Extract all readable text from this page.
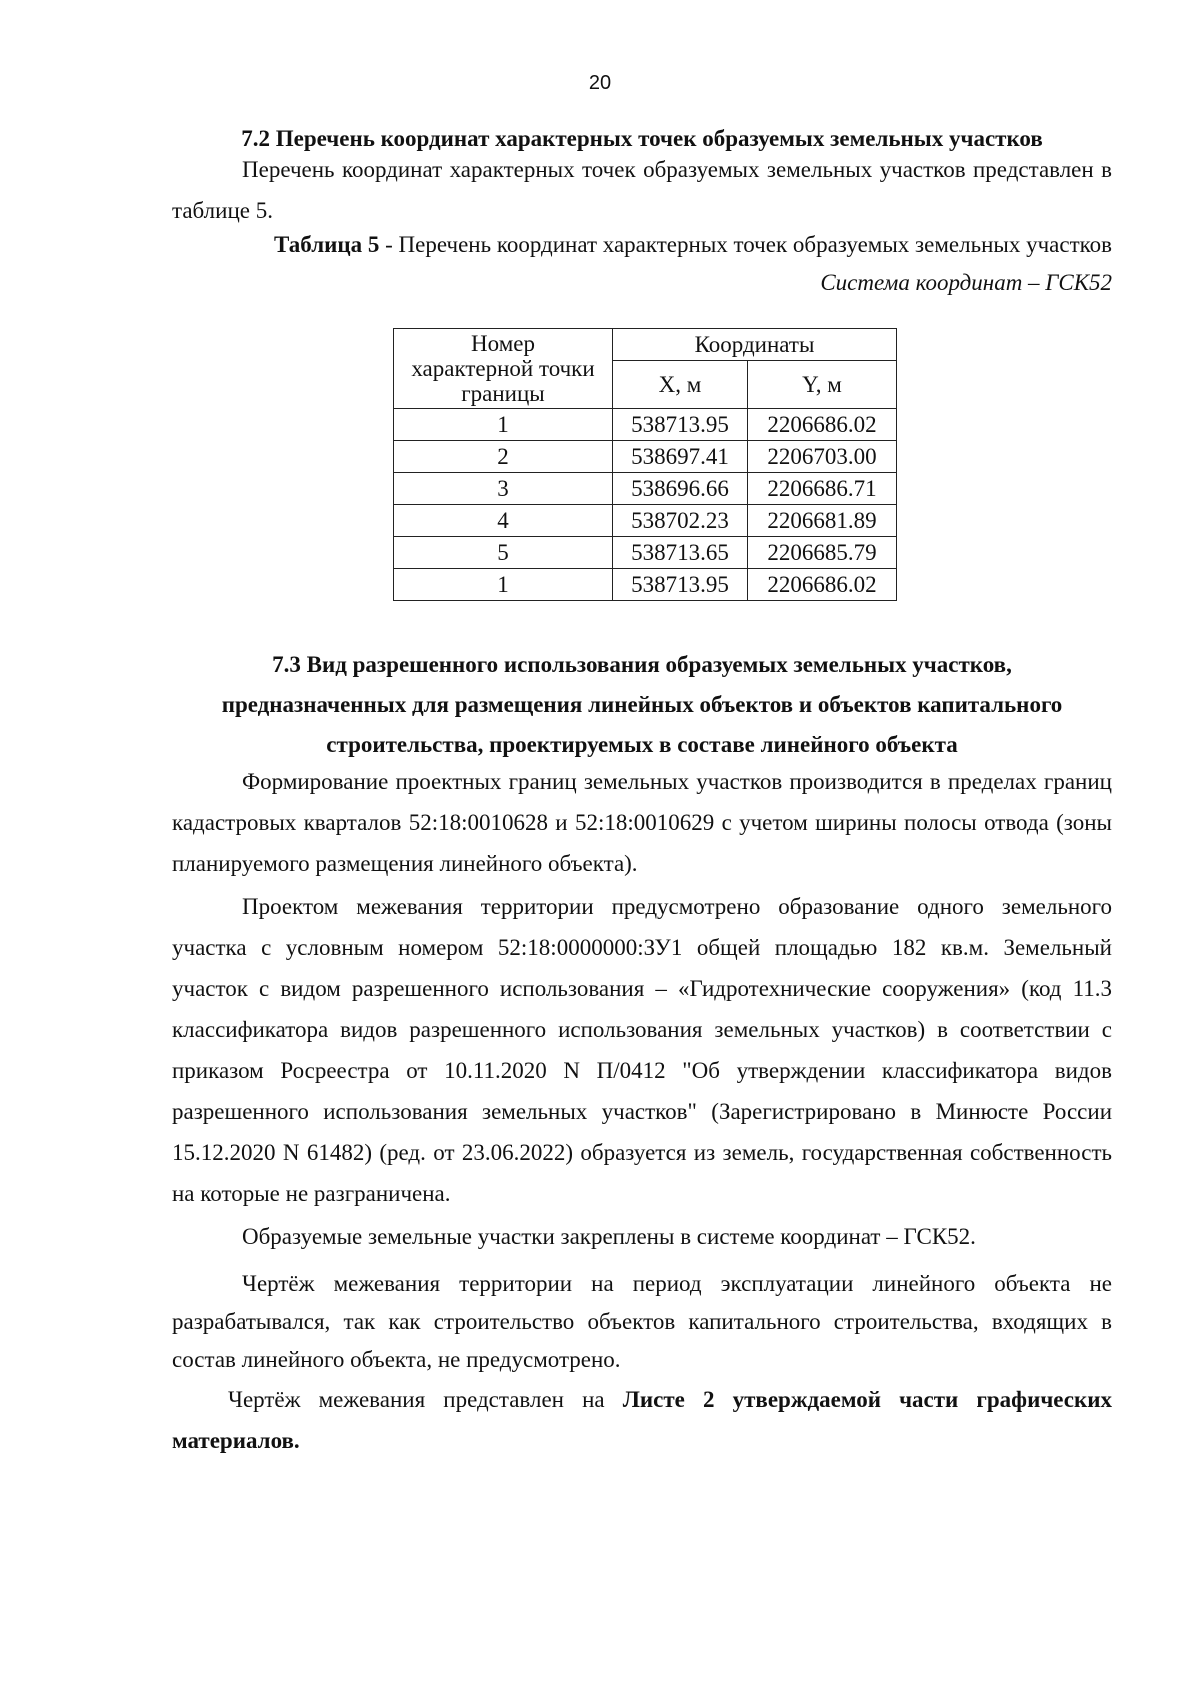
20
7.2 Перечень координат характерных точек образуемых земельных участков
Перечень координат характерных точек образуемых земельных участков представлен в таблице 5.
Таблица 5 - Перечень координат характерных точек образуемых земельных участков
Система координат – ГСК52
Номер
характерной точки
границы	Координаты	
	X, м	Y, м
1	538713.95	2206686.02
2	538697.41	2206703.00
3	538696.66	2206686.71
4	538702.23	2206681.89
5	538713.65	2206685.79
1	538713.95	2206686.02
7.3 Вид разрешенного использования образуемых земельных участков,
предназначенных для размещения линейных объектов и объектов капитального
строительства, проектируемых в составе линейного объекта
Формирование проектных границ земельных участков производится в пределах границ кадастровых кварталов 52:18:0010628 и 52:18:0010629 с учетом ширины полосы отвода (зоны планируемого размещения линейного объекта).
Проектом межевания территории предусмотрено образование одного земельного участка с условным номером 52:18:0000000:ЗУ1 общей площадью 182 кв.м. Земельный участок с видом разрешенного использования – «Гидротехнические сооружения» (код 11.3 классификатора видов разрешенного использования земельных участков) в соответствии с приказом Росреестра от 10.11.2020 N П/0412 "Об утверждении классификатора видов разрешенного использования земельных участков" (Зарегистрировано в Минюсте России 15.12.2020 N 61482) (ред. от 23.06.2022) образуется из земель, государственная собственность на которые не разграничена.
Образуемые земельные участки закреплены в системе координат – ГСК52.
Чертёж межевания территории на период эксплуатации линейного объекта не разрабатывался, так как строительство объектов капитального строительства, входящих в состав линейного объекта, не предусмотрено.
Чертёж межевания представлен на Листе 2 утверждаемой части графических материалов.
